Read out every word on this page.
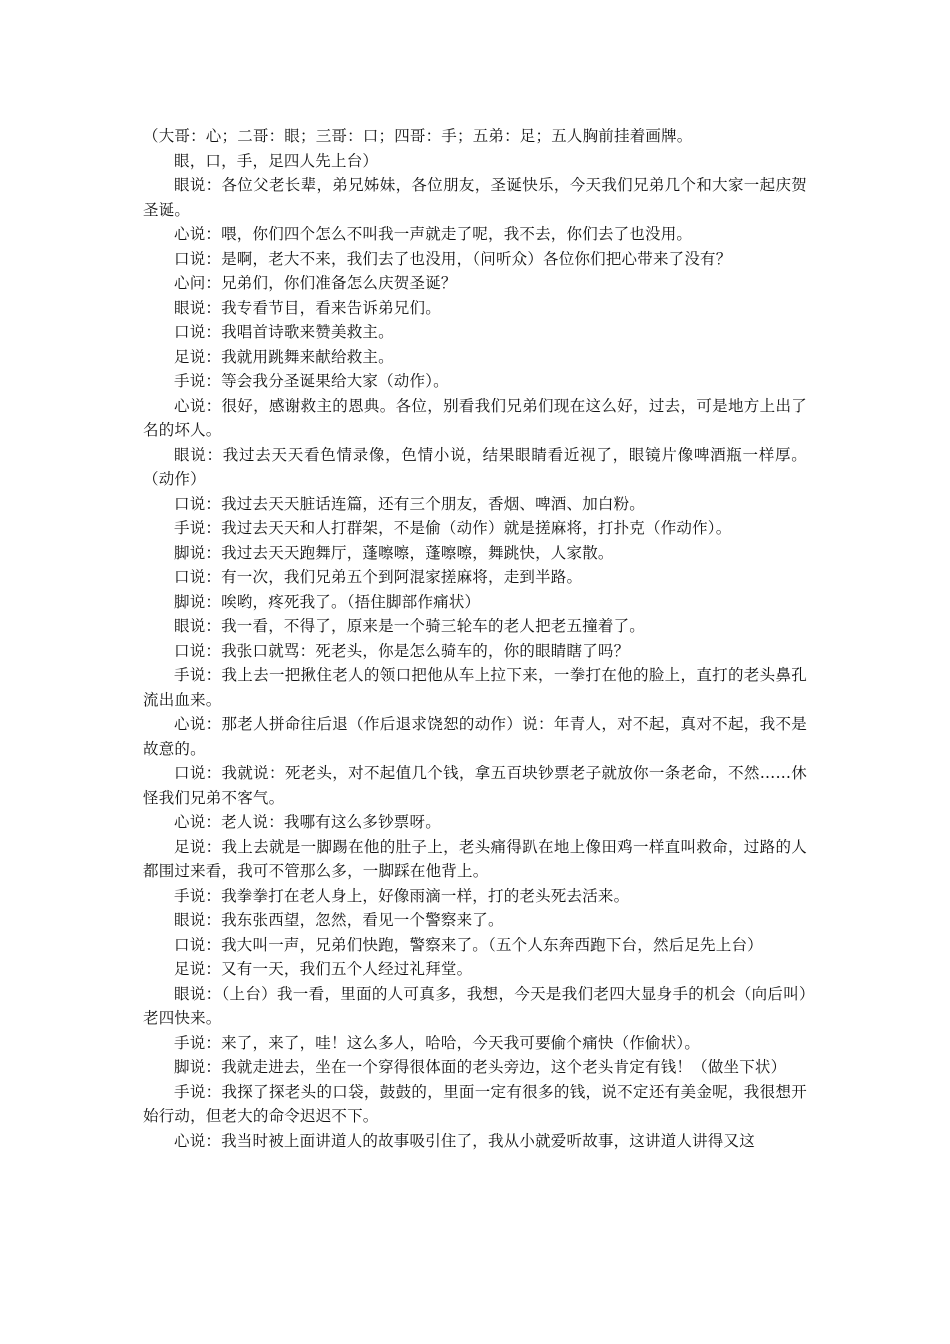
（大哥：心；二哥：眼；三哥：口；四哥：手；五弟：足；五人胸前挂着画牌。

眼，口，手，足四人先上台）

眼说：各位父老长辈，弟兄姊妹，各位朋友，圣诞快乐，今天我们兄弟几个和大家一起庆贺圣诞。

心说：喂，你们四个怎么不叫我一声就走了呢，我不去，你们去了也没用。

口说：是啊，老大不来，我们去了也没用，（问听众）各位你们把心带来了没有？

心问：兄弟们，你们准备怎么庆贺圣诞？

眼说：我专看节目，看来告诉弟兄们。

口说：我唱首诗歌来赞美救主。

足说：我就用跳舞来献给救主。

手说：等会我分圣诞果给大家（动作）。

心说：很好，感谢救主的恩典。各位，别看我们兄弟们现在这么好，过去，可是地方上出了名的坏人。

眼说：我过去天天看色情录像，色情小说，结果眼睛看近视了，眼镜片像啤酒瓶一样厚。（动作）

口说：我过去天天脏话连篇，还有三个朋友，香烟、啤酒、加白粉。

手说：我过去天天和人打群架，不是偷（动作）就是搓麻将，打扑克（作动作）。

脚说：我过去天天跑舞厅，蓬嚓嚓，蓬嚓嚓，舞跳快，人家散。

口说：有一次，我们兄弟五个到阿混家搓麻将，走到半路。

脚说：唉哟，疼死我了。（捂住脚部作痛状）

眼说：我一看，不得了，原来是一个骑三轮车的老人把老五撞着了。

口说：我张口就骂：死老头，你是怎么骑车的，你的眼睛瞎了吗？

手说：我上去一把揪住老人的领口把他从车上拉下来，一拳打在他的脸上，直打的老头鼻孔流出血来。

心说：那老人拼命往后退（作后退求饶恕的动作）说：年青人，对不起，真对不起，我不是故意的。

口说：我就说：死老头，对不起值几个钱，拿五百块钞票老子就放你一条老命，不然……休怪我们兄弟不客气。

心说：老人说：我哪有这么多钞票呀。

足说：我上去就是一脚踢在他的肚子上，老头痛得趴在地上像田鸡一样直叫救命，过路的人都围过来看，我可不管那么多，一脚踩在他背上。

手说：我拳拳打在老人身上，好像雨滴一样，打的老头死去活来。

眼说：我东张西望，忽然，看见一个警察来了。

口说：我大叫一声，兄弟们快跑，警察来了。（五个人东奔西跑下台，然后足先上台）

足说：又有一天，我们五个人经过礼拜堂。

眼说：（上台）我一看，里面的人可真多，我想，今天是我们老四大显身手的机会（向后叫）老四快来。

手说：来了，来了，哇！这么多人，哈哈，今天我可要偷个痛快（作偷状）。

脚说：我就走进去，坐在一个穿得很体面的老头旁边，这个老头肯定有钱！（做坐下状）

手说：我探了探老头的口袋，鼓鼓的，里面一定有很多的钱，说不定还有美金呢，我很想开始行动，但老大的命令迟迟不下。

心说：我当时被上面讲道人的故事吸引住了，我从小就爱听故事，这讲道人讲得又这
